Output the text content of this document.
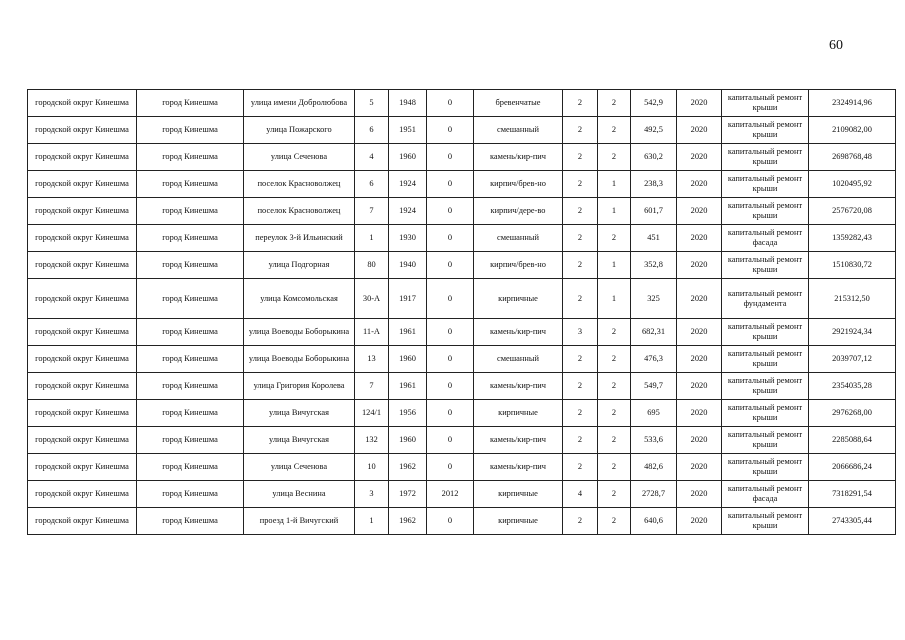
60
городской округ Кинешма	город Кинешма	улица имени Добролюбова	5	1948	0	бревенчатые	2	2	542,9	2020	капитальный ремонт крыши	2324914,96
городской округ Кинешма	город Кинешма	улица Пожарского	6	1951	0	смешанный	2	2	492,5	2020	капитальный ремонт крыши	2109082,00
городской округ Кинешма	город Кинешма	улица Сеченова	4	1960	0	камень/кир-пич	2	2	630,2	2020	капитальный ремонт крыши	2698768,48
городской округ Кинешма	город Кинешма	поселок Красноволжец	6	1924	0	кирпич/брев-но	2	1	238,3	2020	капитальный ремонт крыши	1020495,92
городской округ Кинешма	город Кинешма	поселок Красноволжец	7	1924	0	кирпич/дере-во	2	1	601,7	2020	капитальный ремонт крыши	2576720,08
городской округ Кинешма	город Кинешма	переулок 3-й Ильинский	1	1930	0	смешанный	2	2	451	2020	капитальный ремонт фасада	1359282,43
городской округ Кинешма	город Кинешма	улица Подгорная	80	1940	0	кирпич/брев-но	2	1	352,8	2020	капитальный ремонт крыши	1510830,72
городской округ Кинешма	город Кинешма	улица Комсомольская	30-А	1917	0	кирпичные	2	1	325	2020	капитальный ремонт фундамента	215312,50
городской округ Кинешма	город Кинешма	улица Воеводы Боборыкина	11-А	1961	0	камень/кир-пич	3	2	682,31	2020	капитальный ремонт крыши	2921924,34
городской округ Кинешма	город Кинешма	улица Воеводы Боборыкина	13	1960	0	смешанный	2	2	476,3	2020	капитальный ремонт крыши	2039707,12
городской округ Кинешма	город Кинешма	улица Григория Королева	7	1961	0	камень/кир-пич	2	2	549,7	2020	капитальный ремонт крыши	2354035,28
городской округ Кинешма	город Кинешма	улица Вичугская	124/1	1956	0	кирпичные	2	2	695	2020	капитальный ремонт крыши	2976268,00
городской округ Кинешма	город Кинешма	улица Вичугская	132	1960	0	камень/кир-пич	2	2	533,6	2020	капитальный ремонт крыши	2285088,64
городской округ Кинешма	город Кинешма	улица Сеченова	10	1962	0	камень/кир-пич	2	2	482,6	2020	капитальный ремонт крыши	2066686,24
городской округ Кинешма	город Кинешма	улица Веснина	3	1972	2012	кирпичные	4	2	2728,7	2020	капитальный ремонт фасада	7318291,54
городской округ Кинешма	город Кинешма	проезд 1-й Вичугский	1	1962	0	кирпичные	2	2	640,6	2020	капитальный ремонт крыши	2743305,44
